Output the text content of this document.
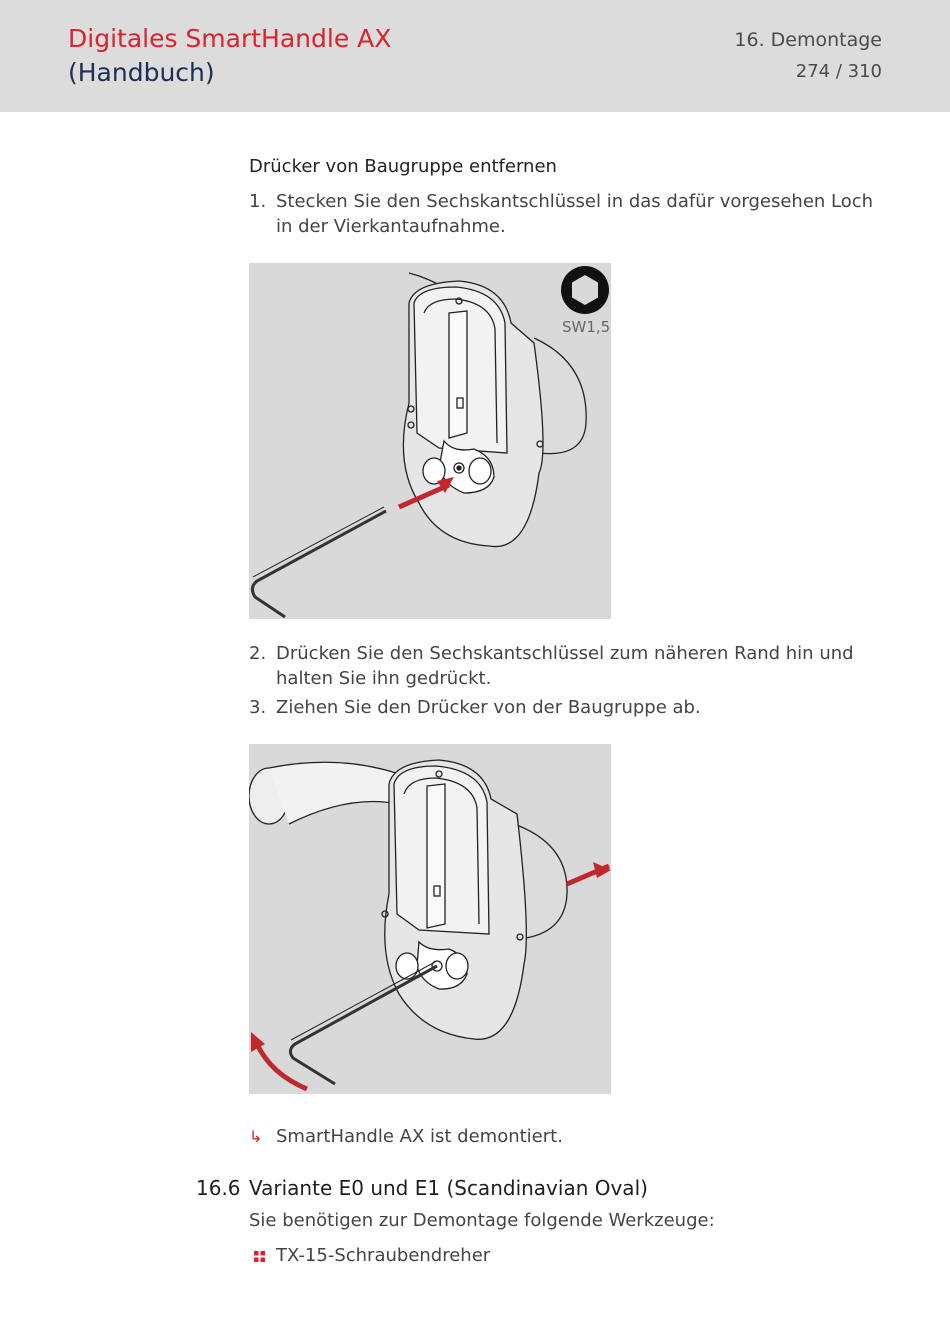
Digitales SmartHandle AX
(Handbuch)
16. Demontage
274 / 310
Drücker von Baugruppe entfernen
1. Stecken Sie den Sechskantschlüssel in das dafür vorgesehen Loch in der Vierkantaufnahme.
SW1,5
2. Drücken Sie den Sechskantschlüssel zum näheren Rand hin und halten Sie ihn gedrückt.
3. Ziehen Sie den Drücker von der Baugruppe ab.
↳ SmartHandle AX ist demontiert.
16.6 Variante E0 und E1 (Scandinavian Oval)
Sie benötigen zur Demontage folgende Werkzeuge:
TX-15-Schraubendreher
